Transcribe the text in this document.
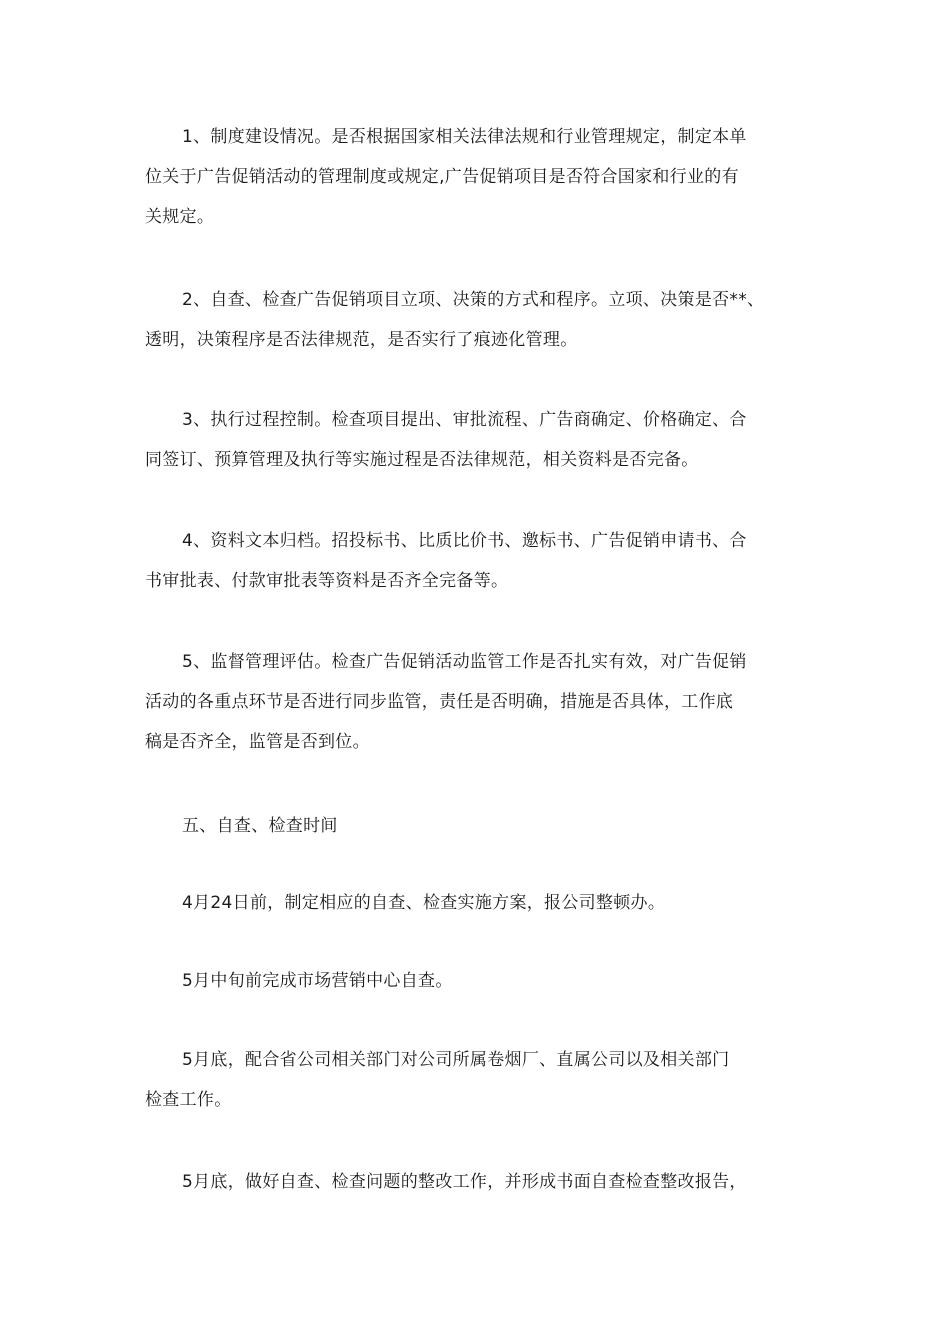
1、制度建设情况。是否根据国家相关法律法规和行业管理规定，制定本单
位关于广告促销活动的管理制度或规定,广告促销项目是否符合国家和行业的有
关规定。
2、自查、检查广告促销项目立项、决策的方式和程序。立项、决策是否**、
透明，决策程序是否法律规范，是否实行了痕迹化管理。
3、执行过程控制。检查项目提出、审批流程、广告商确定、价格确定、合
同签订、预算管理及执行等实施过程是否法律规范，相关资料是否完备。
4、资料文本归档。招投标书、比质比价书、邀标书、广告促销申请书、合
书审批表、付款审批表等资料是否齐全完备等。
5、监督管理评估。检查广告促销活动监管工作是否扎实有效，对广告促销
活动的各重点环节是否进行同步监管，责任是否明确，措施是否具体，工作底
稿是否齐全，监管是否到位。
五、自查、检查时间
4月24日前，制定相应的自查、检查实施方案，报公司整顿办。
5月中旬前完成市场营销中心自查。
5月底，配合省公司相关部门对公司所属卷烟厂、直属公司以及相关部门
检查工作。
5月底，做好自查、检查问题的整改工作，并形成书面自查检查整改报告，
